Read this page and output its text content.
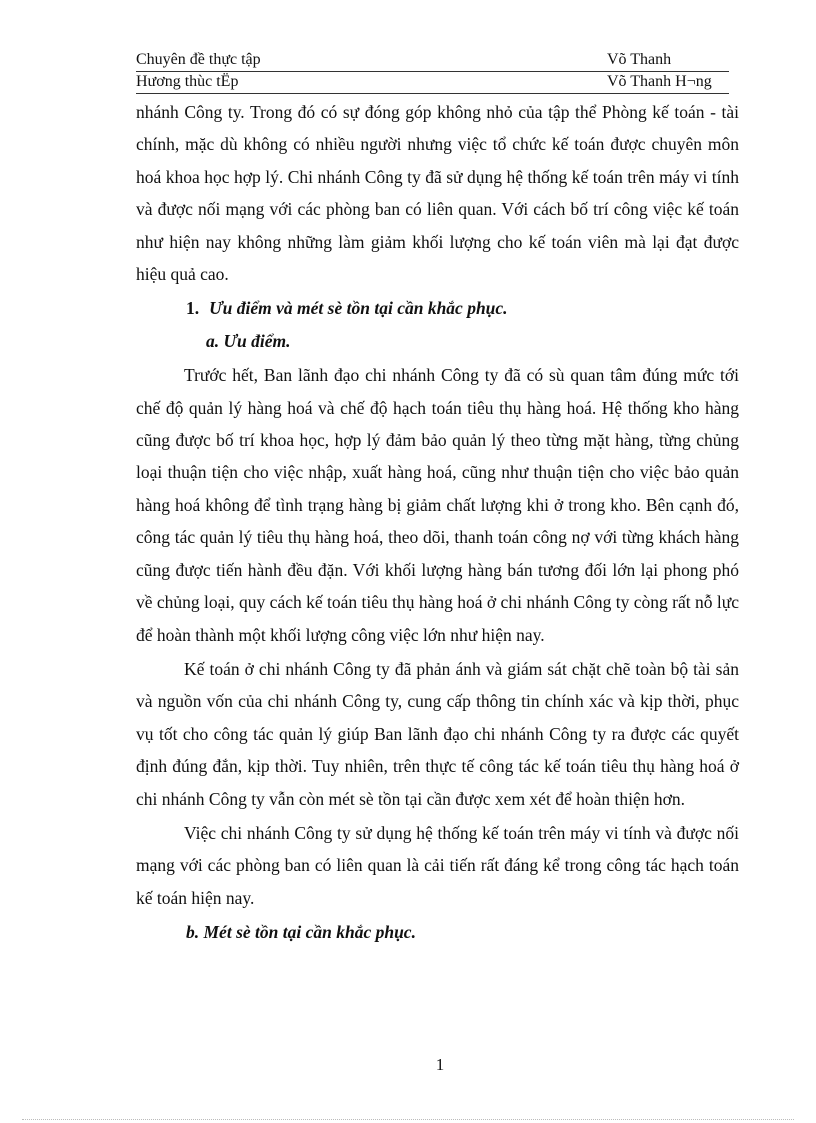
Chuyên đề thực tập	Võ Thanh
Hương thùc tËp	Võ Thanh H¬ng

nhánh Công ty. Trong đó có sự đóng góp không nhỏ của tập thể Phòng kế toán - tài chính, mặc dù không có nhiều người nhưng việc tổ chức kế toán được chuyên môn hoá khoa học hợp lý. Chi nhánh Công ty đã sử dụng hệ thống kế toán trên máy vi tính và được nối mạng với các phòng ban có liên quan. Với cách bố trí công việc kế toán như hiện nay không những làm giảm khối lượng cho kế toán viên mà lại đạt được hiệu quả cao.

1. Ưu điểm và mét sè tồn tại cần khắc phục.

a. Ưu điểm.

Trước hết, Ban lãnh đạo chi nhánh Công ty đã có sù quan tâm đúng mức tới chế độ quản lý hàng hoá và chế độ hạch toán tiêu thụ hàng hoá. Hệ thống kho hàng cũng được bố trí khoa học, hợp lý đảm bảo quản lý theo từng mặt hàng, từng chủng loại thuận tiện cho việc nhập, xuất hàng hoá, cũng như thuận tiện cho việc bảo quản hàng hoá không để tình trạng hàng bị giảm chất lượng khi ở trong kho. Bên cạnh đó, công tác quản lý tiêu thụ hàng hoá, theo dõi, thanh toán công nợ với từng khách hàng cũng được tiến hành đều đặn. Với khối lượng hàng bán tương đối lớn lại phong phó về chủng loại, quy cách kế toán tiêu thụ hàng hoá ở chi nhánh Công ty còng rất nỗ lực để hoàn thành một khối lượng công việc lớn như hiện nay.

Kế toán ở chi nhánh Công ty đã phản ánh và giám sát chặt chẽ toàn bộ tài sản và nguồn vốn của chi nhánh Công ty, cung cấp thông tin chính xác và kịp thời, phục vụ tốt cho công tác quản lý giúp Ban lãnh đạo chi nhánh Công ty ra được các quyết định đúng đắn, kịp thời. Tuy nhiên, trên thực tế công tác kế toán tiêu thụ hàng hoá ở chi nhánh Công ty vẫn còn mét sè tồn tại cần được xem xét để hoàn thiện hơn.

Việc chi nhánh Công ty sử dụng hệ thống kế toán trên máy vi tính và được nối mạng với các phòng ban có liên quan là cải tiến rất đáng kể trong công tác hạch toán kế toán hiện nay.

b. Mét sè tồn tại cần khắc phục.

1
